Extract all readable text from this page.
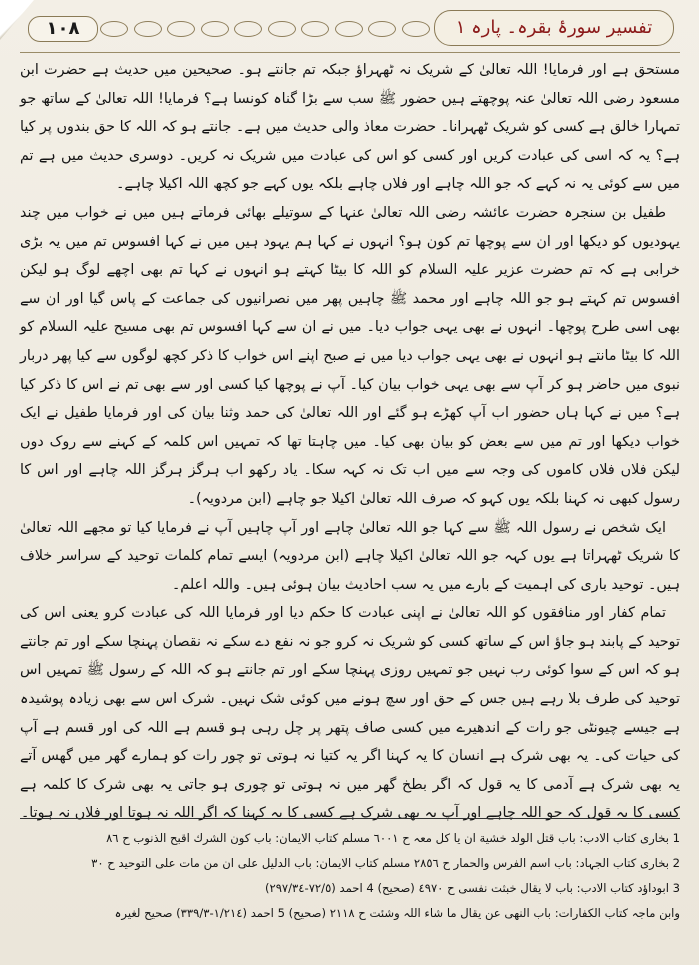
١٠٨	تفسیر سورۂ بقرہ۔ پارہ ١

مستحق ہے اور فرمایا! اللہ تعالیٰ کے شریک نہ ٹھہراؤ جبکہ تم جانتے ہو۔ صحیحین میں حدیث ہے حضرت ابن مسعود رضی اللہ تعالیٰ عنہ پوچھتے ہیں حضور ﷺ سب سے بڑا گناہ کونسا ہے؟ فرمایا! اللہ تعالیٰ کے ساتھ جو تمہارا خالق ہے کسی کو شریک ٹھہرانا۔ حضرت معاذ والی حدیث میں ہے۔ جانتے ہو کہ اللہ کا حق بندوں پر کیا ہے؟ یہ کہ اسی کی عبادت کریں اور کسی کو اس کی عبادت میں شریک نہ کریں۔ دوسری حدیث میں ہے تم میں سے کوئی یہ نہ کہے کہ جو اللہ چاہے اور فلاں چاہے بلکہ یوں کہے جو کچھ اللہ اکیلا چاہے۔

طفیل بن سنجرہ حضرت عائشہ رضی اللہ تعالیٰ عنہا کے سوتیلے بھائی فرماتے ہیں میں نے خواب میں چند یہودیوں کو دیکھا اور ان سے پوچھا تم کون ہو؟ انہوں نے کہا ہم یہود ہیں میں نے کہا افسوس تم میں یہ بڑی خرابی ہے کہ تم حضرت عزیر علیہ السلام کو اللہ کا بیٹا کہتے ہو انہوں نے کہا تم بھی اچھے لوگ ہو لیکن افسوس تم کہتے ہو جو اللہ چاہے اور محمد ﷺ چاہیں پھر میں نصرانیوں کی جماعت کے پاس گیا اور ان سے بھی اسی طرح پوچھا۔ انہوں نے بھی یہی جواب دیا۔ میں نے ان سے کہا افسوس تم بھی مسیح علیہ السلام کو اللہ کا بیٹا مانتے ہو انہوں نے بھی یہی جواب دیا میں نے صبح اپنے اس خواب کا ذکر کچھ لوگوں سے کیا پھر دربار نبوی میں حاضر ہو کر آپ سے بھی یہی خواب بیان کیا۔ آپ نے پوچھا کیا کسی اور سے بھی تم نے اس کا ذکر کیا ہے؟ میں نے کہا ہاں حضور اب آپ کھڑے ہو گئے اور اللہ تعالیٰ کی حمد وثنا بیان کی اور فرمایا طفیل نے ایک خواب دیکھا اور تم میں سے بعض کو بیان بھی کیا۔ میں چاہتا تھا کہ تمہیں اس کلمہ کے کہنے سے روک دوں لیکن فلاں فلاں کاموں کی وجہ سے میں اب تک نہ کہہ سکا۔ یاد رکھو اب ہرگز ہرگز اللہ چاہے اور اس کا رسول کبھی نہ کہنا بلکہ یوں کہو کہ صرف اللہ تعالیٰ اکیلا جو چاہے (ابن مردویہ)۔

ایک شخص نے رسول اللہ ﷺ سے کہا جو اللہ تعالیٰ چاہے اور آپ چاہیں آپ نے فرمایا کیا تو مجھے اللہ تعالیٰ کا شریک ٹھہراتا ہے یوں کہہ جو اللہ تعالیٰ اکیلا چاہے (ابن مردویہ) ایسے تمام کلمات توحید کے سراسر خلاف ہیں۔ توحید باری کی اہمیت کے بارے میں یہ سب احادیث بیان ہوئی ہیں۔ واللہ اعلم۔

تمام کفار اور منافقوں کو اللہ تعالیٰ نے اپنی عبادت کا حکم دیا اور فرمایا اللہ کی عبادت کرو یعنی اس کی توحید کے پابند ہو جاؤ اس کے ساتھ کسی کو شریک نہ کرو جو نہ نفع دے سکے نہ نقصان پہنچا سکے اور تم جانتے ہو کہ اس کے سوا کوئی رب نہیں جو تمہیں روزی پہنچا سکے اور تم جانتے ہو کہ اللہ کے رسول ﷺ تمہیں اس توحید کی طرف بلا رہے ہیں جس کے حق اور سچ ہونے میں کوئی شک نہیں۔ شرک اس سے بھی زیادہ پوشیدہ ہے جیسے چیونٹی جو رات کے اندھیرے میں کسی صاف پتھر پر چل رہی ہو قسم ہے اللہ کی اور قسم ہے آپ کی حیات کی۔ یہ بھی شرک ہے انسان کا یہ کہنا اگر یہ کتیا نہ ہوتی تو چور رات کو ہمارے گھر میں گھس آتے یہ بھی شرک ہے آدمی کا یہ قول کہ اگر بطخ گھر میں نہ ہوتی تو چوری ہو جاتی یہ بھی شرک کا کلمہ ہے کسی کا یہ قول کہ جو اللہ چاہے اور آپ یہ بھی شرک ہے کسی کا یہ کہنا کہ اگر اللہ نہ ہوتا اور فلاں نہ ہوتا۔

1 بخاری کتاب الادب: باب قتل الولد خشیة ان یا کل معہ ح ٦٠٠١ مسلم کتاب الایمان: باب کون الشرك اقبح الذنوب ح ٨٦

2 بخاری کتاب الجہاد: باب اسم الفرس والحمار ح ٢٨٥٦ مسلم کتاب الایمان: باب الدلیل علی ان من مات علی التوحید ح ٣٠

3 ابوداؤد کتاب الادب: باب لا یقال خبثت نفسی ح ٤٩٧٠ (صحیح) 4 احمد (٧٢/٥-٢٩٧/٣٤)

وابن ماجہ کتاب الکفارات: باب النهی عن یقال ما شاء اللہ وشئت ح ٢١١٨ (صحیح) 5 احمد (١/٢١٤-٣٣٩/٣) صحیح لغیرہ
